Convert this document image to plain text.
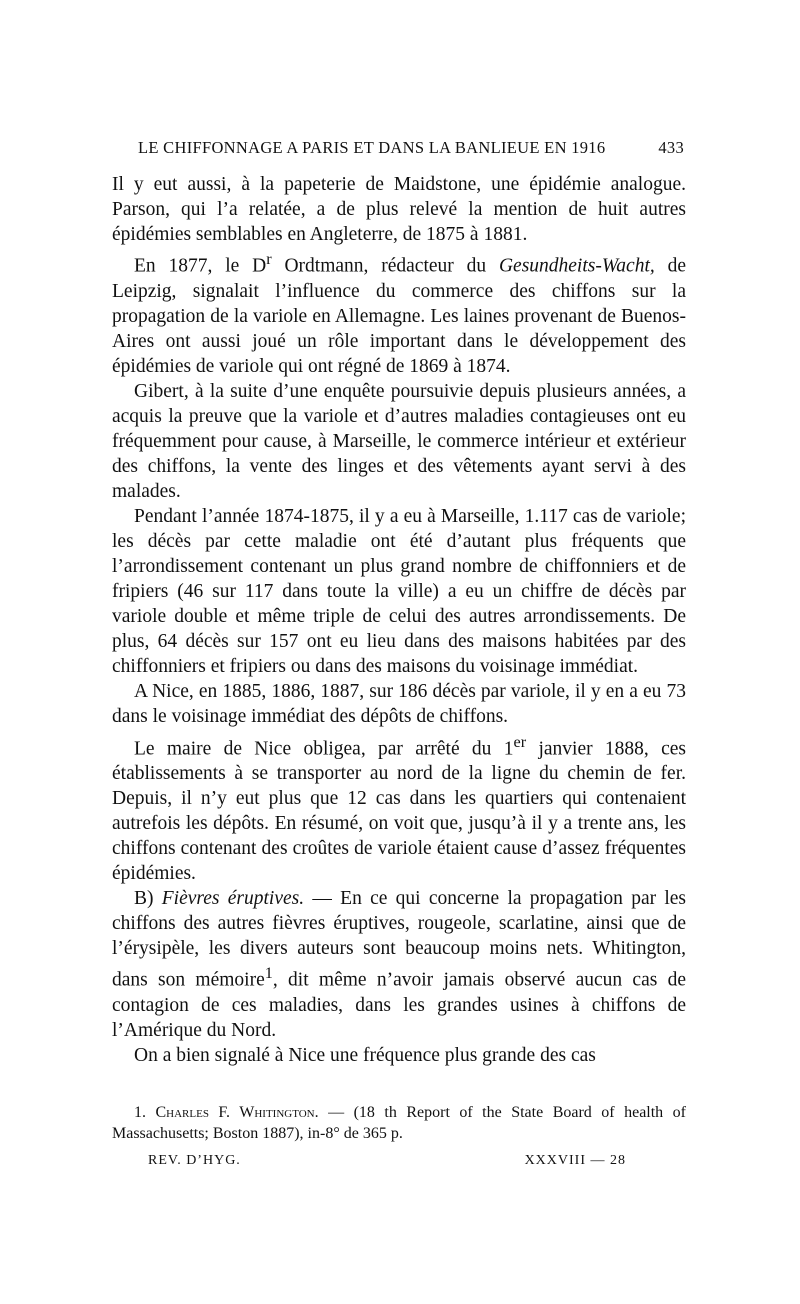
LE CHIFFONNAGE A PARIS ET DANS LA BANLIEUE EN 1916	433

Il y eut aussi, à la papeterie de Maidstone, une épidémie analogue. Parson, qui l’a relatée, a de plus relevé la mention de huit autres épidémies semblables en Angleterre, de 1875 à 1881.

En 1877, le $D^r$ Ordtmann, rédacteur du Gesundheits-Wacht, de Leipzig, signalait l’influence du commerce des chiffons sur la propagation de la variole en Allemagne. Les laines provenant de Buenos-Aires ont aussi joué un rôle important dans le développement des épidémies de variole qui ont régné de 1869 à 1874.

Gibert, à la suite d’une enquête poursuivie depuis plusieurs années, a acquis la preuve que la variole et d’autres maladies contagieuses ont eu fréquemment pour cause, à Marseille, le commerce intérieur et extérieur des chiffons, la vente des linges et des vêtements ayant servi à des malades.

Pendant l’année 1874-1875, il y a eu à Marseille, 1.117 cas de variole; les décès par cette maladie ont été d’autant plus fréquents que l’arrondissement contenant un plus grand nombre de chiffonniers et de fripiers (46 sur 117 dans toute la ville) a eu un chiffre de décès par variole double et même triple de celui des autres arrondissements. De plus, 64 décès sur 157 ont eu lieu dans des maisons habitées par des chiffonniers et fripiers ou dans des maisons du voisinage immédiat.

A Nice, en 1885, 1886, 1887, sur 186 décès par variole, il y en a eu 73 dans le voisinage immédiat des dépôts de chiffons.

Le maire de Nice obligea, par arrêté du 1er janvier 1888, ces établissements à se transporter au nord de la ligne du chemin de fer. Depuis, il n’y eut plus que 12 cas dans les quartiers qui contenaient autrefois les dépôts. En résumé, on voit que, jusqu’à il y a trente ans, les chiffons contenant des croûtes de variole étaient cause d’assez fréquentes épidémies.

B) Fièvres éruptives. — En ce qui concerne la propagation par les chiffons des autres fièvres éruptives, rougeole, scarlatine, ainsi que de l’érysipèle, les divers auteurs sont beaucoup moins nets. Whitington, dans son mémoire$^1$, dit même n’avoir jamais observé aucun cas de contagion de ces maladies, dans les grandes usines à chiffons de l’Amérique du Nord.

On a bien signalé à Nice une fréquence plus grande des cas

1. Charles F. Whitington. — (18 th Report of the State Board of health of Massachusetts; Boston 1887), in-8° de 365 p.
REV. D’HYG.	XXXVIII — 28
